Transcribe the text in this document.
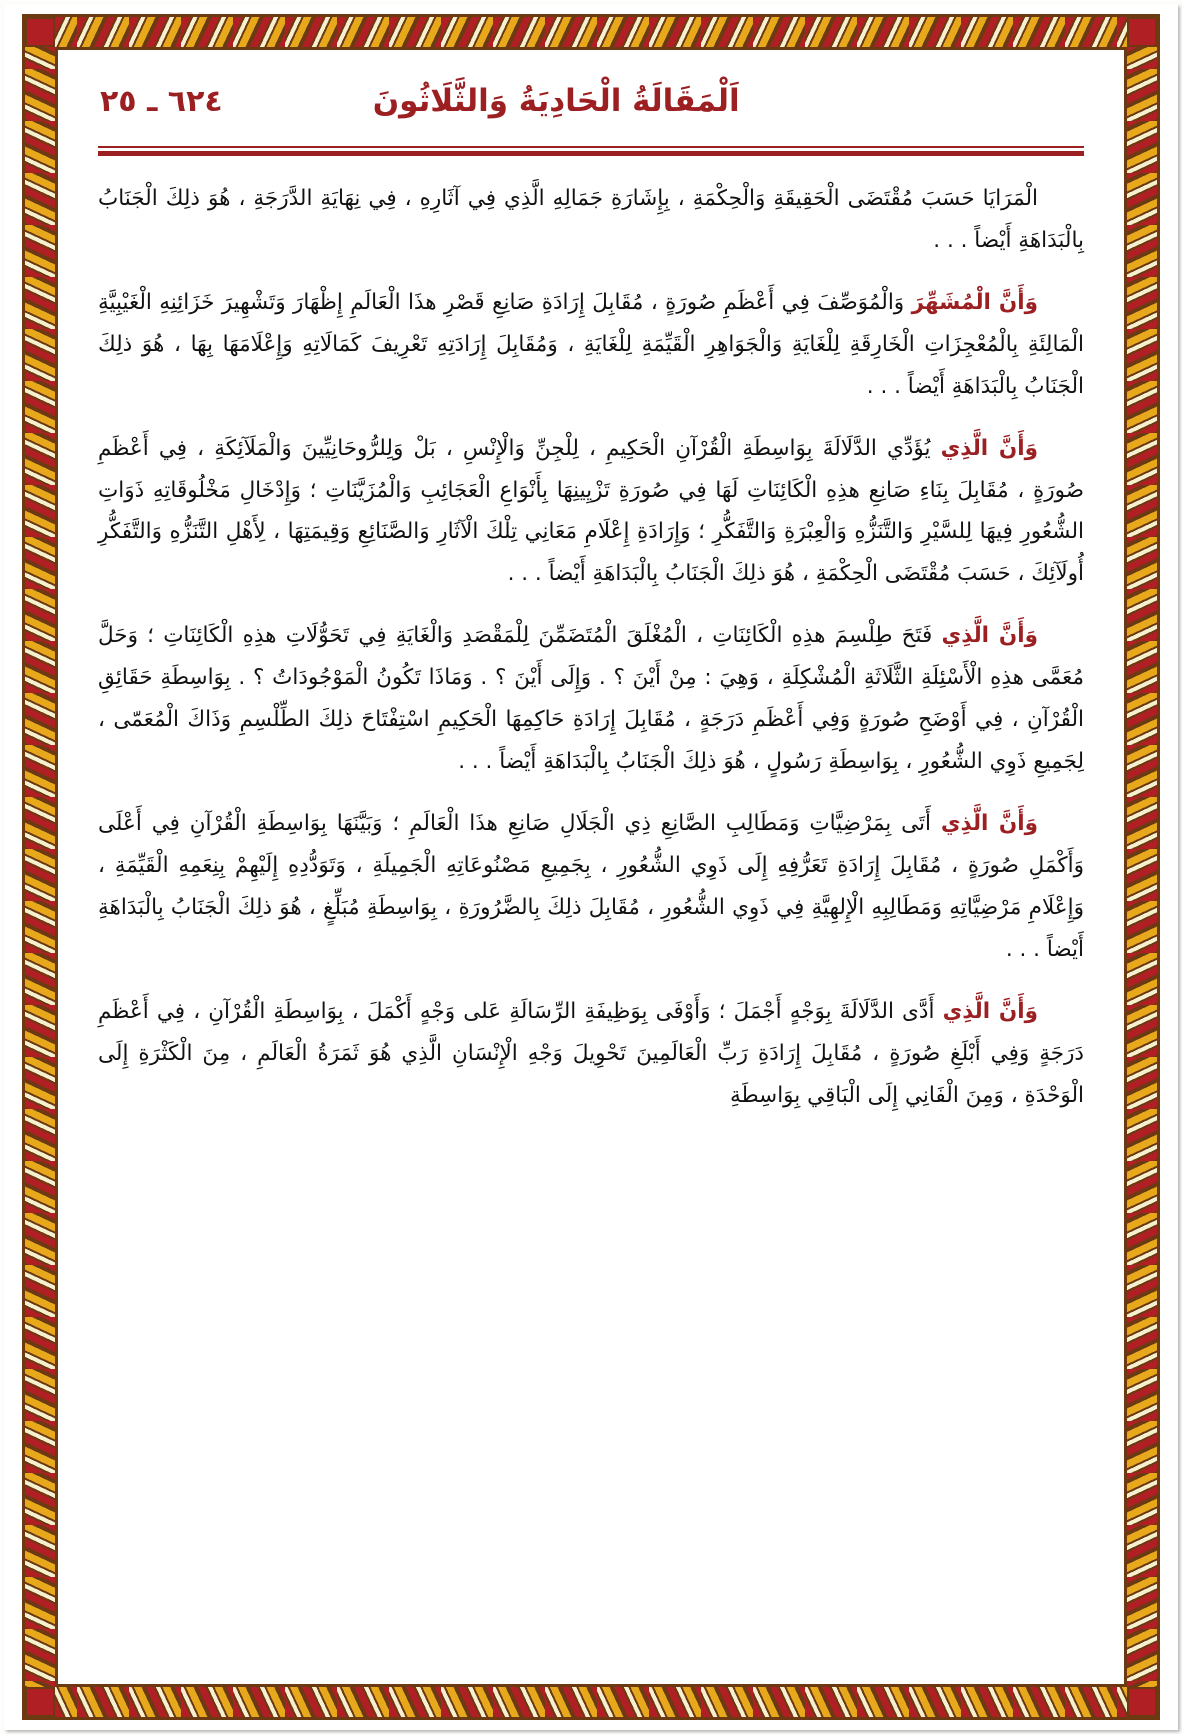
٦٢٤ ـ ٢٥	اَلْمَقَالَةُ الْحَادِيَةُ وَالثَّلَاثُونَ

الْمَرَايَا حَسَبَ مُقْتَضَى الْحَقِيقَةِ وَالْحِكْمَةِ ، بِإِشَارَةِ جَمَالِهِ الَّذِي فِي آثَارِهِ ، فِي نِهَايَةِ الدَّرَجَةِ ، هُوَ ذلِكَ الْجَنَابُ بِالْبَدَاهَةِ أَيْضاً . . .

وَأَنَّ الْمُشَهِّرَ وَالْمُوَصِّفَ فِي أَعْظَمِ صُورَةٍ ، مُقَابِلَ إِرَادَةِ صَانِعِ قَصْرِ هذَا الْعَالَمِ إِظْهَارَ وَتَشْهِيرَ خَزَائِنِهِ الْغَيْبِيَّةِ الْمَالِئَةِ بِالْمُعْجِزَاتِ الْخَارِقَةِ لِلْغَايَةِ وَالْجَوَاهِرِ الْقَيِّمَةِ لِلْغَايَةِ ، وَمُقَابِلَ إِرَادَتِهِ تَعْرِيفَ كَمَالَاتِهِ وَإِعْلَامَهَا بِهَا ، هُوَ ذلِكَ الْجَنَابُ بِالْبَدَاهَةِ أَيْضاً . . .

وَأَنَّ الَّذِي يُؤَدِّي الدَّلَالَةَ بِوَاسِطَةِ الْقُرْآنِ الْحَكِيمِ ، لِلْجِنِّ وَالْإِنْسِ ، بَلْ وَلِلرُّوحَانِيِّينَ وَالْمَلَآئِكَةِ ، فِي أَعْظَمِ صُورَةٍ ، مُقَابِلَ بِنَاءِ صَانِعِ هذِهِ الْكَائِنَاتِ لَهَا فِي صُورَةِ تَزْيِينِهَا بِأَنْوَاعِ الْعَجَائِبِ وَالْمُزَيَّنَاتِ ؛ وَإِدْخَالِ مَخْلُوقَاتِهِ ذَوَاتِ الشُّعُورِ فِيهَا لِلسَّيْرِ وَالتَّنَزُّهِ وَالْعِبْرَةِ وَالتَّفَكُّرِ ؛ وَإِرَادَةِ إِعْلَامِ مَعَانِي تِلْكَ الْآثَارِ وَالصَّنَائِعِ وَقِيمَتِهَا ، لِأَهْلِ التَّنَزُّهِ وَالتَّفَكُّرِ أُولَآئِكَ ، حَسَبَ مُقْتَضَى الْحِكْمَةِ ، هُوَ ذلِكَ الْجَنَابُ بِالْبَدَاهَةِ أَيْضاً . . .

وَأَنَّ الَّذِي فَتَحَ طِلْسِمَ هذِهِ الْكَائِنَاتِ ، الْمُغْلَقَ الْمُتَضَمِّنَ لِلْمَقْصَدِ وَالْغَايَةِ فِي تَحَوُّلَاتِ هذِهِ الْكَائِنَاتِ ؛ وَحَلَّ مُعَمَّى هذِهِ الْأَسْئِلَةِ الثَّلَاثَةِ الْمُشْكِلَةِ ، وَهِيَ : مِنْ أَيْنَ ؟ . وَإِلَى أَيْنَ ؟ . وَمَاذَا تَكُونُ الْمَوْجُودَاتُ ؟ . بِوَاسِطَةِ حَقَائِقِ الْقُرْآنِ ، فِي أَوْضَحِ صُورَةٍ وَفِي أَعْظَمِ دَرَجَةٍ ، مُقَابِلَ إِرَادَةِ حَاكِمِهَا الْحَكِيمِ اسْتِفْتَاحَ ذلِكَ الطِّلْسِمِ وَذَاكَ الْمُعَمّى ، لِجَمِيعِ ذَوِي الشُّعُورِ ، بِوَاسِطَةِ رَسُولٍ ، هُوَ ذلِكَ الْجَنَابُ بِالْبَدَاهَةِ أَيْضاً . . .

وَأَنَّ الَّذِي أَتَى بِمَرْضِيَّاتِ وَمَطَالِبِ الصَّانِعِ ذِي الْجَلَالِ صَانِعِ هذَا الْعَالَمِ ؛ وَبَيَّنَهَا بِوَاسِطَةِ الْقُرْآنِ فِي أَعْلَى وَأَكْمَلِ صُورَةٍ ، مُقَابِلَ إِرَادَةِ تَعَرُّفِهِ إِلَى ذَوِي الشُّعُورِ ، بِجَمِيعِ مَصْنُوعَاتِهِ الْجَمِيلَةِ ، وَتَوَدُّدِهِ إِلَيْهِمْ بِنِعَمِهِ الْقَيِّمَةِ ، وَإِعْلَامِ مَرْضِيَّاتِهِ وَمَطَالِبِهِ الْإِلهِيَّةِ فِي ذَوِي الشُّعُورِ ، مُقَابِلَ ذلِكَ بِالضَّرُورَةِ ، بِوَاسِطَةِ مُبَلِّغٍ ، هُوَ ذلِكَ الْجَنَابُ بِالْبَدَاهَةِ أَيْضاً . . .

وَأَنَّ الَّذِي أَدَّى الدَّلَالَةَ بِوَجْهٍ أَجْمَلَ ؛ وَأَوْفَى بِوَظِيفَةِ الرِّسَالَةِ عَلى وَجْهٍ أَكْمَلَ ، بِوَاسِطَةِ الْقُرْآنِ ، فِي أَعْظَمِ دَرَجَةٍ وَفِي أَبْلَغِ صُورَةٍ ، مُقَابِلَ إِرَادَةِ رَبِّ الْعَالَمِينَ تَحْوِيلَ وَجْهِ الْإِنْسَانِ الَّذِي هُوَ ثَمَرَةُ الْعَالَمِ ، مِنَ الْكَثْرَةِ إِلَى الْوَحْدَةِ ، وَمِنَ الْفَانِي إِلَى الْبَاقِي بِوَاسِطَةِ
